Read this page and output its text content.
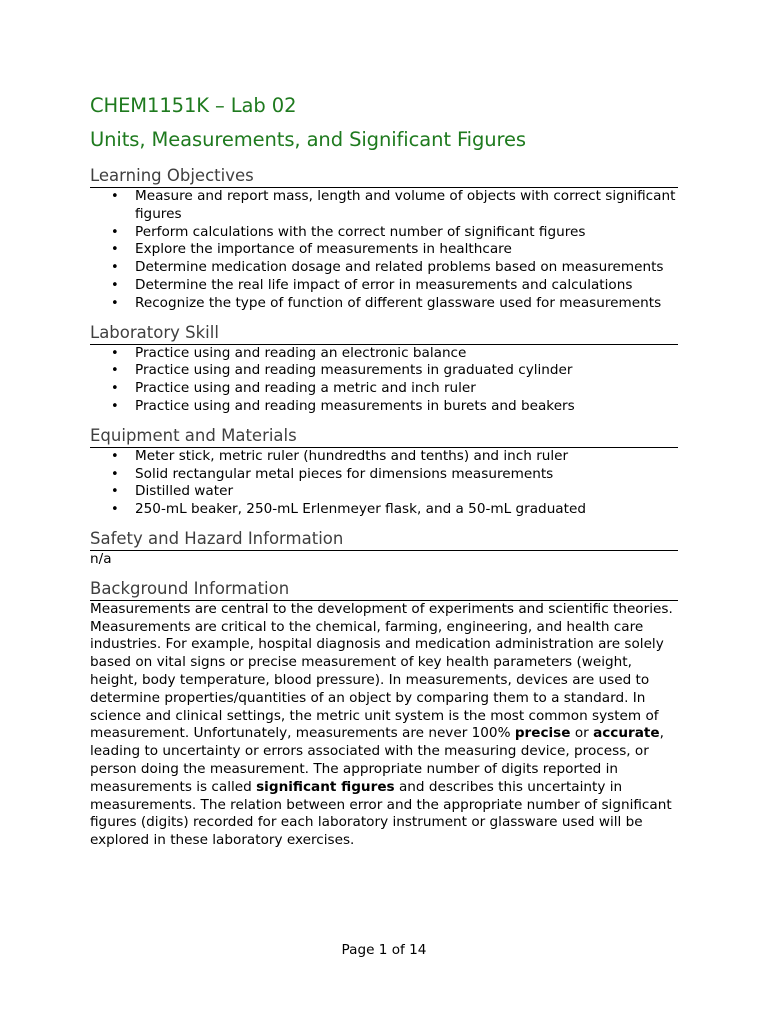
CHEM1151K – Lab 02
Units, Measurements, and Significant Figures
Learning Objectives
• Measure and report mass, length and volume of objects with correct significant figures
• Perform calculations with the correct number of significant figures
• Explore the importance of measurements in healthcare
• Determine medication dosage and related problems based on measurements
• Determine the real life impact of error in measurements and calculations
• Recognize the type of function of different glassware used for measurements
Laboratory Skill
• Practice using and reading an electronic balance
• Practice using and reading measurements in graduated cylinder
• Practice using and reading a metric and inch ruler
• Practice using and reading measurements in burets and beakers
Equipment and Materials
• Meter stick, metric ruler (hundredths and tenths) and inch ruler
• Solid rectangular metal pieces for dimensions measurements
• Distilled water
• 250-mL beaker, 250-mL Erlenmeyer flask, and a 50-mL graduated
Safety and Hazard Information

n/a

Background Information

Measurements are central to the development of experiments and scientific theories. Measurements are critical to the chemical, farming, engineering, and health care industries. For example, hospital diagnosis and medication administration are solely based on vital signs or precise measurement of key health parameters (weight, height, body temperature, blood pressure). In measurements, devices are used to determine properties/quantities of an object by comparing them to a standard. In science and clinical settings, the metric unit system is the most common system of measurement. Unfortunately, measurements are never 100% precise or accurate, leading to uncertainty or errors associated with the measuring device, process, or person doing the measurement. The appropriate number of digits reported in measurements is called significant figures and describes this uncertainty in measurements. The relation between error and the appropriate number of significant figures (digits) recorded for each laboratory instrument or glassware used will be explored in these laboratory exercises.

Page 1 of 14
